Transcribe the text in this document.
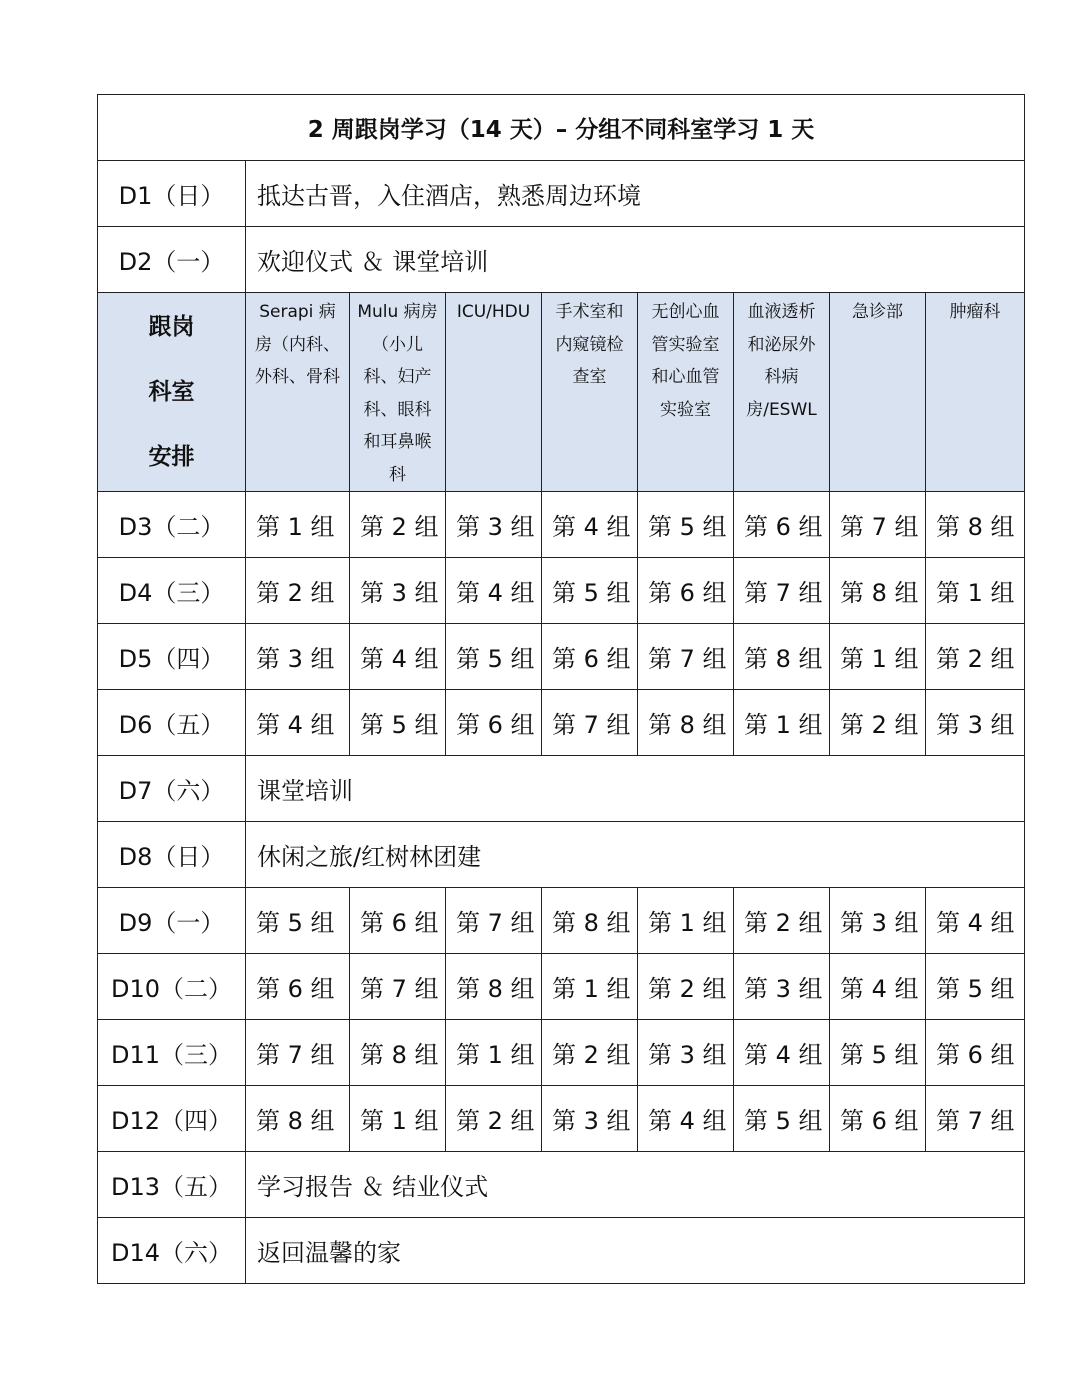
2 周跟岗学习（14 天）– 分组不同科室学习 1 天								
D1（日）	抵达古晋，入住酒店，熟悉周边环境							
D2（一）	欢迎仪式 ＆ 课堂培训							

跟岗
科室
安排	Serapi 病房（内科、外科、骨科	Mulu 病房（小儿科、妇产科、眼科和耳鼻喉科	ICU/HDU	手术室和内窥镜检查室	无创心血管实验室和心血管实验室	血液透析和泌尿外科病房/ESWL	急诊部	肿瘤科
D3（二）	第 1 组	第 2 组	第 3 组	第 4 组	第 5 组	第 6 组	第 7 组	第 8 组
D4（三）	第 2 组	第 3 组	第 4 组	第 5 组	第 6 组	第 7 组	第 8 组	第 1 组
D5（四）	第 3 组	第 4 组	第 5 组	第 6 组	第 7 组	第 8 组	第 1 组	第 2 组
D6（五）	第 4 组	第 5 组	第 6 组	第 7 组	第 8 组	第 1 组	第 2 组	第 3 组
D7（六）	课堂培训							
D8（日）	休闲之旅/红树林团建							
D9（一）	第 5 组	第 6 组	第 7 组	第 8 组	第 1 组	第 2 组	第 3 组	第 4 组
D10（二）	第 6 组	第 7 组	第 8 组	第 1 组	第 2 组	第 3 组	第 4 组	第 5 组
D11（三）	第 7 组	第 8 组	第 1 组	第 2 组	第 3 组	第 4 组	第 5 组	第 6 组
D12（四）	第 8 组	第 1 组	第 2 组	第 3 组	第 4 组	第 5 组	第 6 组	第 7 组
D13（五）	学习报告 ＆ 结业仪式							
D14（六）	返回温馨的家							
